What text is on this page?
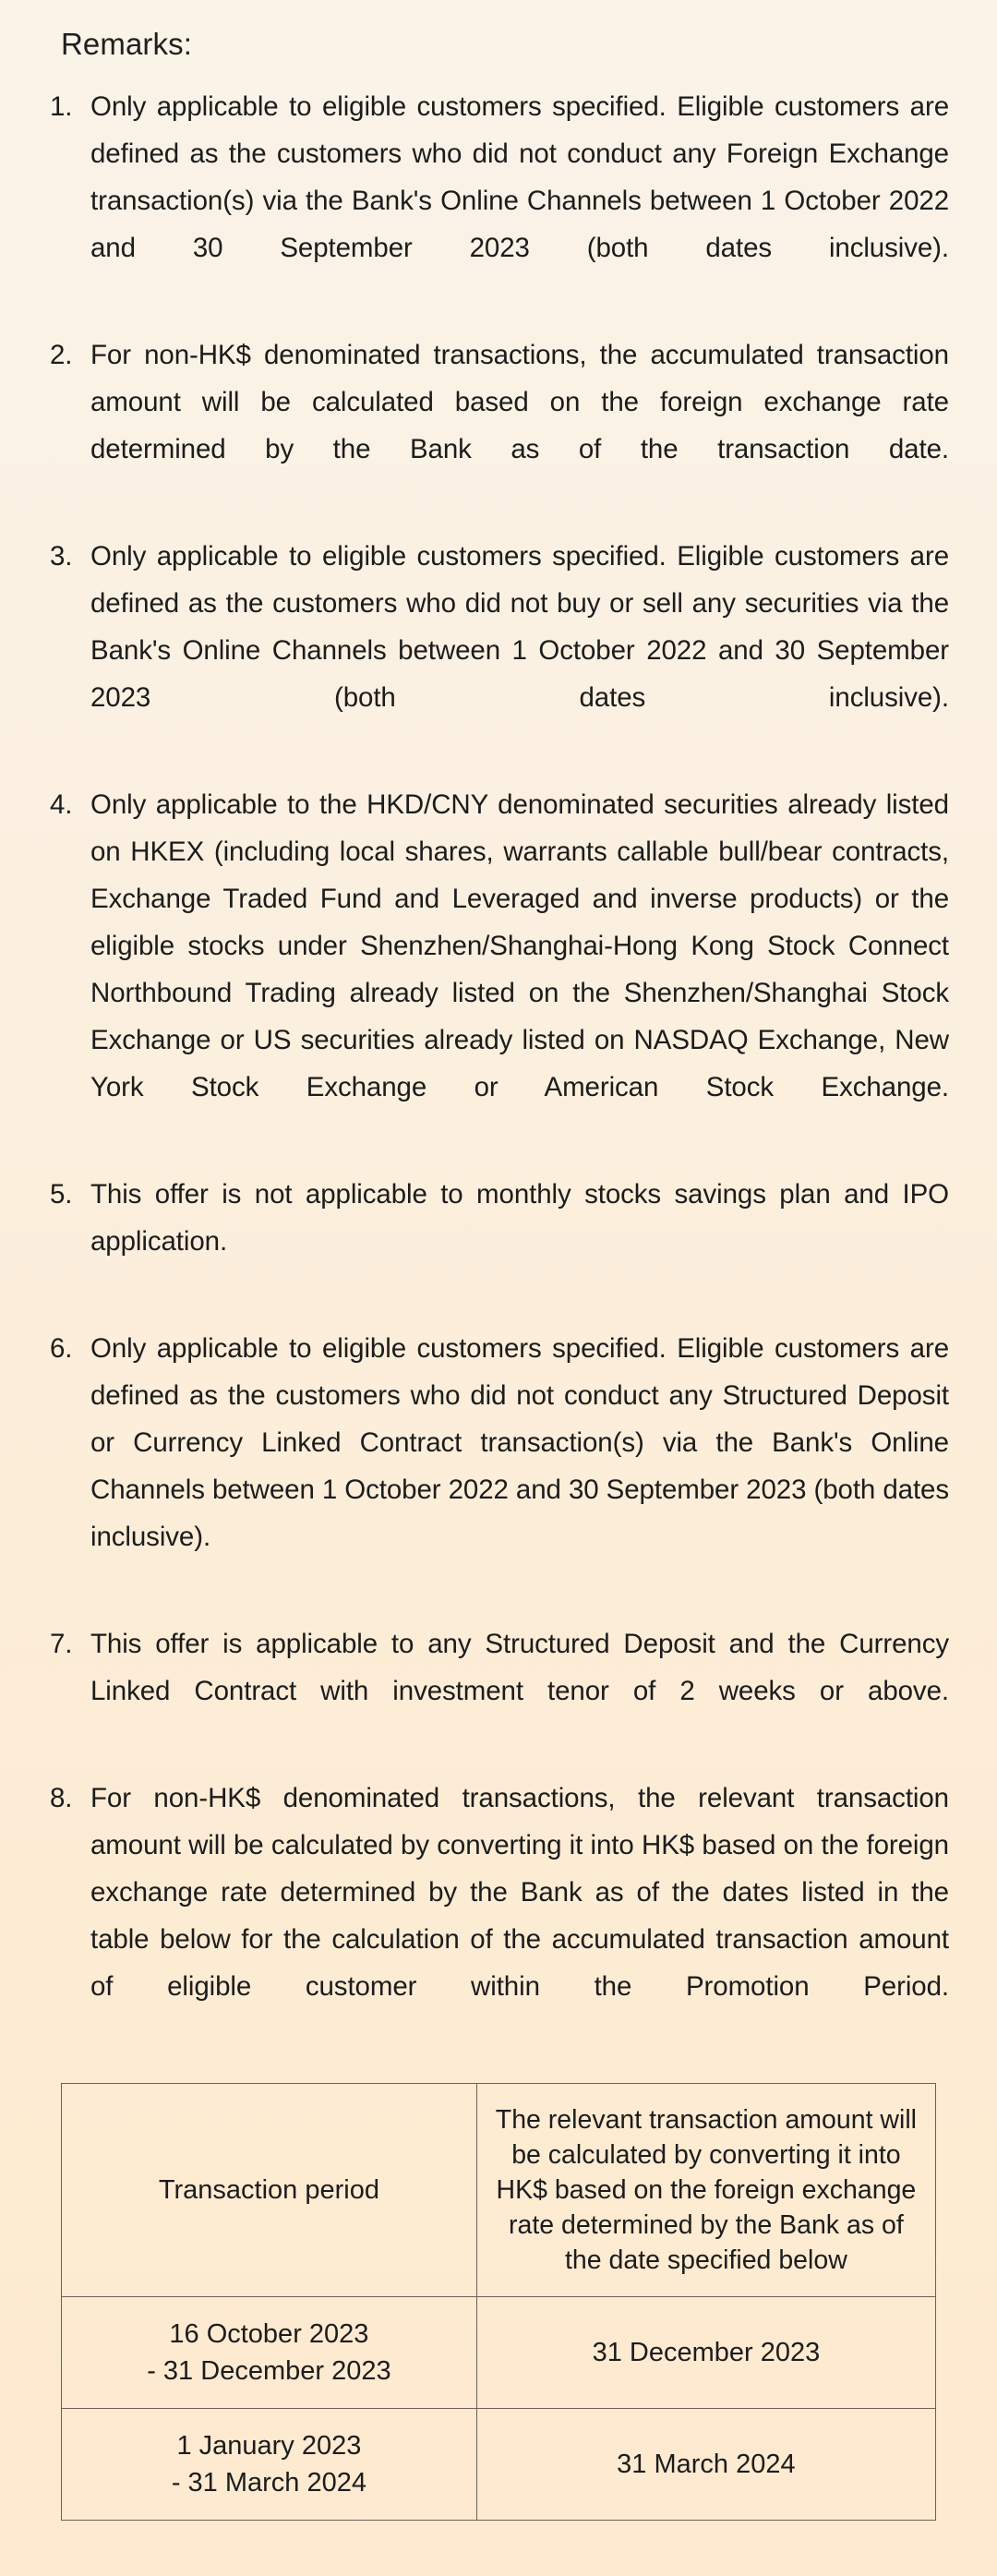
Remarks:
1. Only applicable to eligible customers specified. Eligible customers are defined as the customers who did not conduct any Foreign Exchange transaction(s) via the Bank's Online Channels between 1 October 2022 and 30 September 2023 (both dates inclusive).
2. For non-HK$ denominated transactions, the accumulated transaction amount will be calculated based on the foreign exchange rate determined by the Bank as of the transaction date.
3. Only applicable to eligible customers specified. Eligible customers are defined as the customers who did not buy or sell any securities via the Bank's Online Channels between 1 October 2022 and 30 September 2023 (both dates inclusive).
4. Only applicable to the HKD/CNY denominated securities already listed on HKEX (including local shares, warrants callable bull/bear contracts, Exchange Traded Fund and Leveraged and inverse products) or the eligible stocks under Shenzhen/Shanghai-Hong Kong Stock Connect Northbound Trading already listed on the Shenzhen/Shanghai Stock Exchange or US securities already listed on NASDAQ Exchange, New York Stock Exchange or American Stock Exchange.
5. This offer is not applicable to monthly stocks savings plan and IPO application.
6. Only applicable to eligible customers specified. Eligible customers are defined as the customers who did not conduct any Structured Deposit or Currency Linked Contract transaction(s) via the Bank's Online Channels between 1 October 2022 and 30 September 2023 (both dates inclusive).
7. This offer is applicable to any Structured Deposit and the Currency Linked Contract with investment tenor of 2 weeks or above.
8. For non-HK$ denominated transactions, the relevant transaction amount will be calculated by converting it into HK$ based on the foreign exchange rate determined by the Bank as of the dates listed in the table below for the calculation of the accumulated transaction amount of eligible customer within the Promotion Period.
Transaction period	The relevant transaction amount will be calculated by converting it into HK$ based on the foreign exchange rate determined by the Bank as of the date specified below

16 October 2023
- 31 December 2023	31 December 2023

1 January 2023
- 31 March 2024	31 March 2024
